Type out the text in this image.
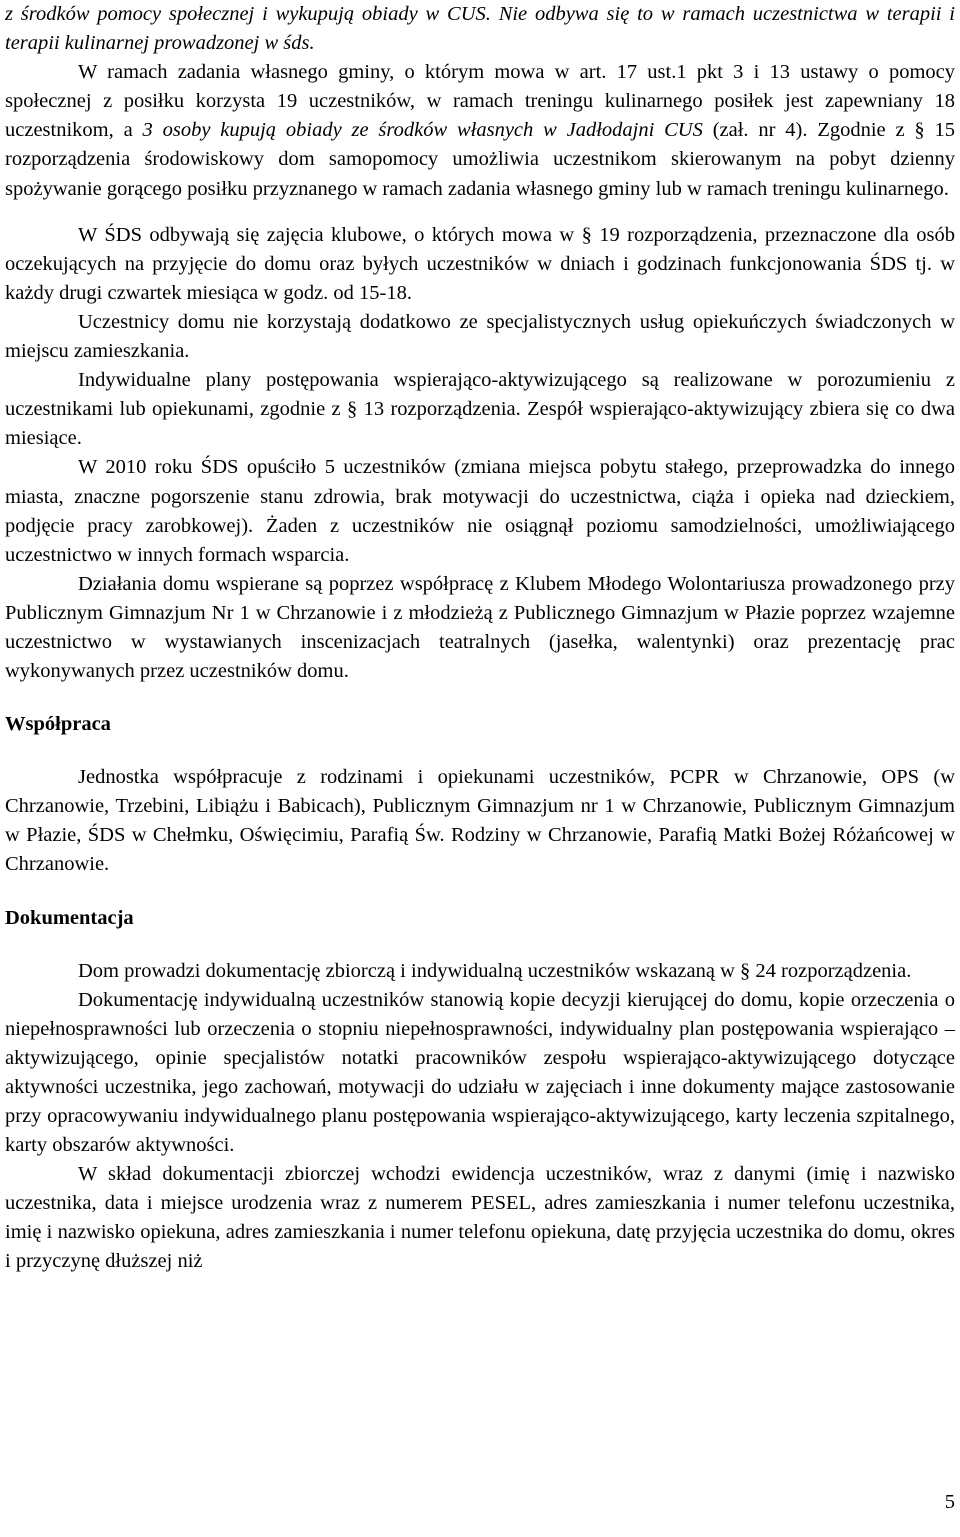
z środków pomocy społecznej i wykupują obiady w CUS. Nie odbywa się to w ramach uczestnictwa w terapii i terapii kulinarnej prowadzonej w śds.

W ramach zadania własnego gminy, o którym mowa w art. 17 ust.1 pkt 3 i 13 ustawy o pomocy społecznej z posiłku korzysta 19 uczestników, w ramach treningu kulinarnego posiłek jest zapewniany 18 uczestnikom, a 3 osoby kupują obiady ze środków własnych w Jadłodajni CUS (zał. nr 4). Zgodnie z § 15 rozporządzenia środowiskowy dom samopomocy umożliwia uczestnikom skierowanym na pobyt dzienny spożywanie gorącego posiłku przyznanego w ramach zadania własnego gminy lub w ramach treningu kulinarnego.

W ŚDS odbywają się zajęcia klubowe, o których mowa w § 19 rozporządzenia, przeznaczone dla osób oczekujących na przyjęcie do domu oraz byłych uczestników w dniach i godzinach funkcjonowania ŚDS tj. w każdy drugi czwartek miesiąca w godz. od 15-18.

Uczestnicy domu nie korzystają dodatkowo ze specjalistycznych usług opiekuńczych świadczonych w miejscu zamieszkania.

Indywidualne plany postępowania wspierająco-aktywizującego są realizowane w porozumieniu z uczestnikami lub opiekunami, zgodnie z § 13 rozporządzenia. Zespół wspierająco-aktywizujący zbiera się co dwa miesiące.

W 2010 roku ŚDS opuściło 5 uczestników (zmiana miejsca pobytu stałego, przeprowadzka do innego miasta, znaczne pogorszenie stanu zdrowia, brak motywacji do uczestnictwa, ciąża i opieka nad dzieckiem, podjęcie pracy zarobkowej). Żaden z uczestników nie osiągnął poziomu samodzielności, umożliwiającego uczestnictwo w innych formach wsparcia.

Działania domu wspierane są poprzez współpracę z Klubem Młodego Wolontariusza prowadzonego przy Publicznym Gimnazjum Nr 1 w Chrzanowie i z młodzieżą z Publicznego Gimnazjum w Płazie poprzez wzajemne uczestnictwo w wystawianych inscenizacjach teatralnych (jasełka, walentynki) oraz prezentację prac wykonywanych przez uczestników domu.

Współpraca

Jednostka współpracuje z rodzinami i opiekunami uczestników, PCPR w Chrzanowie, OPS (w Chrzanowie, Trzebini, Libiążu i Babicach), Publicznym Gimnazjum nr 1 w Chrzanowie, Publicznym Gimnazjum w Płazie, ŚDS w Chełmku, Oświęcimiu, Parafią Św. Rodziny w Chrzanowie, Parafią Matki Bożej Różańcowej w Chrzanowie.

Dokumentacja

Dom prowadzi dokumentację zbiorczą i indywidualną uczestników wskazaną w § 24 rozporządzenia.

Dokumentację indywidualną uczestników stanowią kopie decyzji kierującej do domu, kopie orzeczenia o niepełnosprawności lub orzeczenia o stopniu niepełnosprawności, indywidualny plan postępowania wspierająco – aktywizującego, opinie specjalistów notatki pracowników zespołu wspierająco-aktywizującego dotyczące aktywności uczestnika, jego zachowań, motywacji do udziału w zajęciach i inne dokumenty mające zastosowanie przy opracowywaniu indywidualnego planu postępowania wspierająco-aktywizującego, karty leczenia szpitalnego, karty obszarów aktywności.

W skład dokumentacji zbiorczej wchodzi ewidencja uczestników, wraz z danymi (imię i nazwisko uczestnika, data i miejsce urodzenia wraz z numerem PESEL, adres zamieszkania i numer telefonu uczestnika, imię i nazwisko opiekuna, adres zamieszkania i numer telefonu opiekuna, datę przyjęcia uczestnika do domu, okres i przyczynę dłuższej niż

5
